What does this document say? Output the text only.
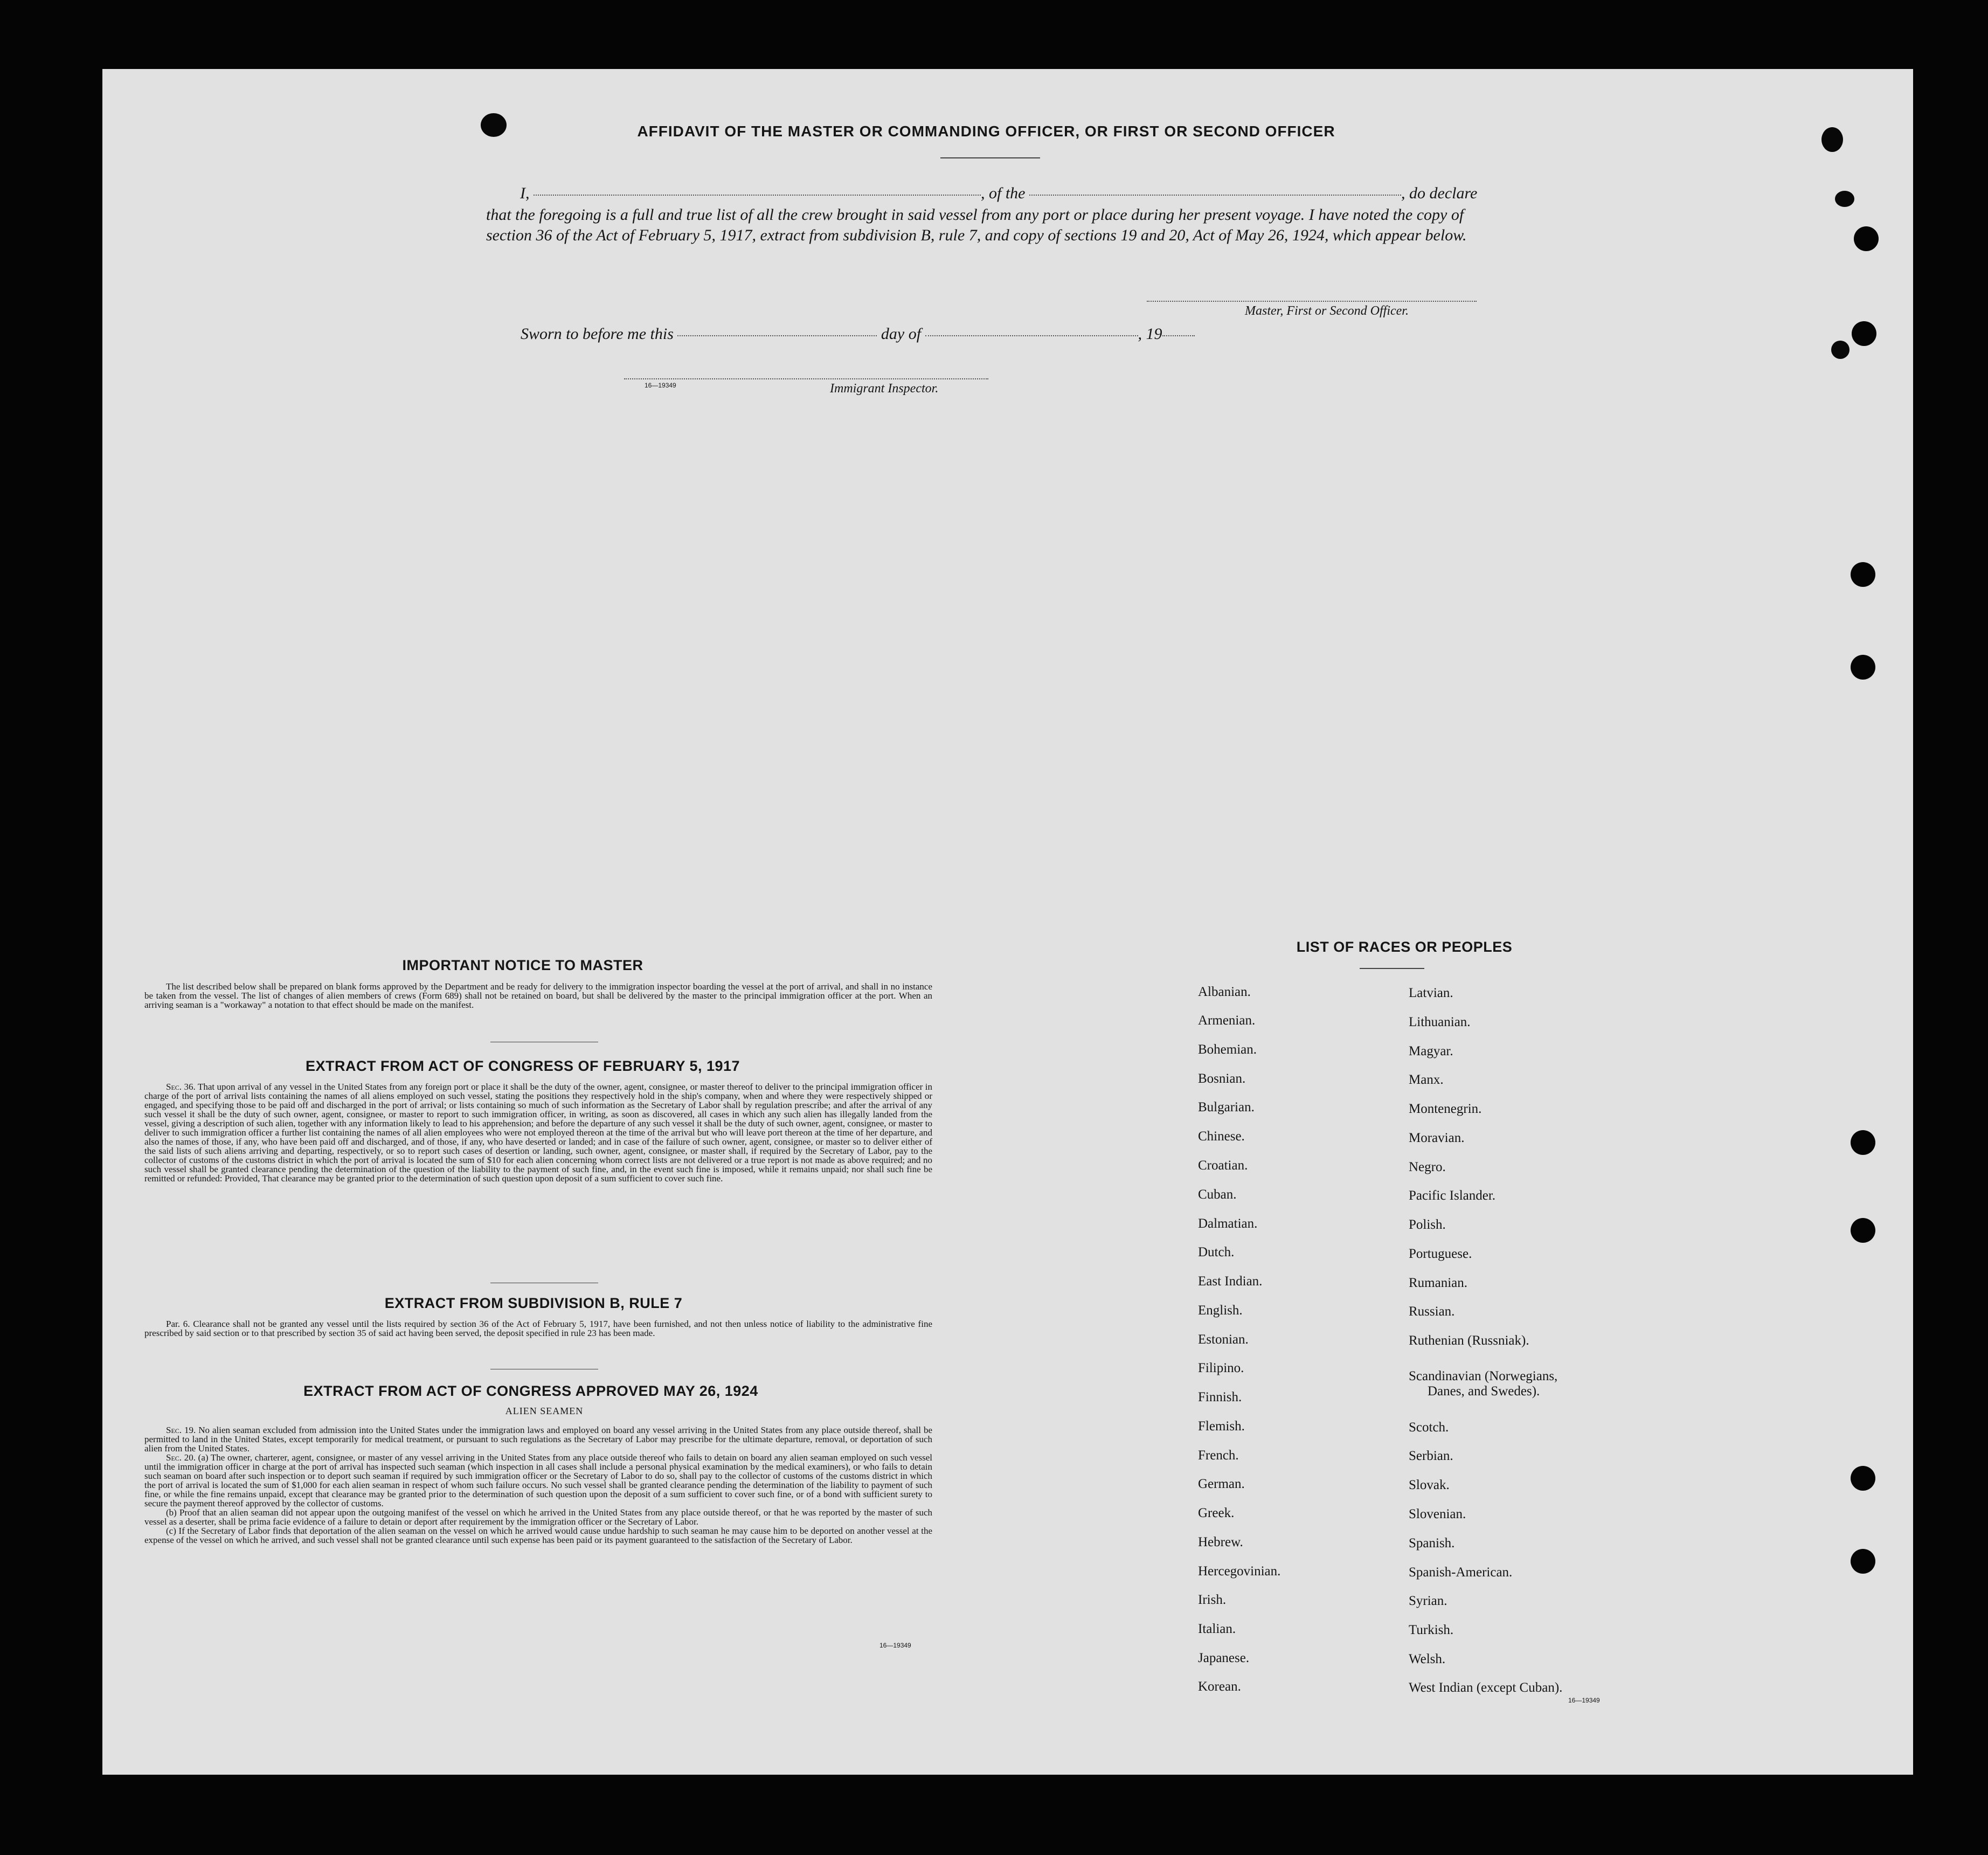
AFFIDAVIT OF THE MASTER OR COMMANDING OFFICER, OR FIRST OR SECOND OFFICER
I,	, of the	, do declare
that the foregoing is a full and true list of all the crew brought in said vessel from any port or place during her present voyage. I have noted the copy of section 36 of the Act of February 5, 1917, extract from subdivision B, rule 7, and copy of sections 19 and 20, Act of May 26, 1924, which appear below.
Master, First or Second Officer.
Sworn to before me this	day of	, 19
16—19349	Immigrant Inspector.
IMPORTANT NOTICE TO MASTER
The list described below shall be prepared on blank forms approved by the Department and be ready for delivery to the immigration inspector boarding the vessel at the port of arrival, and shall in no instance be taken from the vessel. The list of changes of alien members of crews (Form 689) shall not be retained on board, but shall be delivered by the master to the principal immigration officer at the port. When an arriving seaman is a "workaway" a notation to that effect should be made on the manifest.
EXTRACT FROM ACT OF CONGRESS OF FEBRUARY 5, 1917
Sec. 36. That upon arrival of any vessel in the United States from any foreign port or place it shall be the duty of the owner, agent, consignee, or master thereof to deliver to the principal immigration officer in charge of the port of arrival lists containing the names of all aliens employed on such vessel, stating the positions they respectively hold in the ship's company, when and where they were respectively shipped or engaged, and specifying those to be paid off and discharged in the port of arrival; or lists containing so much of such information as the Secretary of Labor shall by regulation prescribe; and after the arrival of any such vessel it shall be the duty of such owner, agent, consignee, or master to report to such immigration officer, in writing, as soon as discovered, all cases in which any such alien has illegally landed from the vessel, giving a description of such alien, together with any information likely to lead to his apprehension; and before the departure of any such vessel it shall be the duty of such owner, agent, consignee, or master to deliver to such immigration officer a further list containing the names of all alien employees who were not employed thereon at the time of the arrival but who will leave port thereon at the time of her departure, and also the names of those, if any, who have been paid off and discharged, and of those, if any, who have deserted or landed; and in case of the failure of such owner, agent, consignee, or master so to deliver either of the said lists of such aliens arriving and departing, respectively, or so to report such cases of desertion or landing, such owner, agent, consignee, or master shall, if required by the Secretary of Labor, pay to the collector of customs of the customs district in which the port of arrival is located the sum of $10 for each alien concerning whom correct lists are not delivered or a true report is not made as above required; and no such vessel shall be granted clearance pending the determination of the question of the liability to the payment of such fine, and, in the event such fine is imposed, while it remains unpaid; nor shall such fine be remitted or refunded: Provided, That clearance may be granted prior to the determination of such question upon deposit of a sum sufficient to cover such fine.
EXTRACT FROM SUBDIVISION B, RULE 7
Par. 6. Clearance shall not be granted any vessel until the lists required by section 36 of the Act of February 5, 1917, have been furnished, and not then unless notice of liability to the administrative fine prescribed by said section or to that prescribed by section 35 of said act having been served, the deposit specified in rule 23 has been made.
EXTRACT FROM ACT OF CONGRESS APPROVED MAY 26, 1924
ALIEN SEAMEN
Sec. 19. No alien seaman excluded from admission into the United States under the immigration laws and employed on board any vessel arriving in the United States from any place outside thereof, shall be permitted to land in the United States, except temporarily for medical treatment, or pursuant to such regulations as the Secretary of Labor may prescribe for the ultimate departure, removal, or deportation of such alien from the United States.
Sec. 20. (a) The owner, charterer, agent, consignee, or master of any vessel arriving in the United States from any place outside thereof who fails to detain on board any alien seaman employed on such vessel until the immigration officer in charge at the port of arrival has inspected such seaman (which inspection in all cases shall include a personal physical examination by the medical examiners), or who fails to detain such seaman on board after such inspection or to deport such seaman if required by such immigration officer or the Secretary of Labor to do so, shall pay to the collector of customs of the customs district in which the port of arrival is located the sum of $1,000 for each alien seaman in respect of whom such failure occurs. No such vessel shall be granted clearance pending the determination of the liability to payment of such fine, or while the fine remains unpaid, except that clearance may be granted prior to the determination of such question upon the deposit of a sum sufficient to cover such fine, or of a bond with sufficient surety to secure the payment thereof approved by the collector of customs.
(b) Proof that an alien seaman did not appear upon the outgoing manifest of the vessel on which he arrived in the United States from any place outside thereof, or that he was reported by the master of such vessel as a deserter, shall be prima facie evidence of a failure to detain or deport after requirement by the immigration officer or the Secretary of Labor.
(c) If the Secretary of Labor finds that deportation of the alien seaman on the vessel on which he arrived would cause undue hardship to such seaman he may cause him to be deported on another vessel at the expense of the vessel on which he arrived, and such vessel shall not be granted clearance until such expense has been paid or its payment guaranteed to the satisfaction of the Secretary of Labor.
16—19349
LIST OF RACES OR PEOPLES
Albanian.
Armenian.
Bohemian.
Bosnian.
Bulgarian.
Chinese.
Croatian.
Cuban.
Dalmatian.
Dutch.
East Indian.
English.
Estonian.
Filipino.
Finnish.
Flemish.
French.
German.
Greek.
Hebrew.
Hercegovinian.
Irish.
Italian.
Japanese.
Korean.
Latvian.
Lithuanian.
Magyar.
Manx.
Montenegrin.
Moravian.
Negro.
Pacific Islander.
Polish.
Portuguese.
Rumanian.
Russian.
Ruthenian (Russniak).
Scandinavian (Norwegians,
Danes, and Swedes).
Scotch.
Serbian.
Slovak.
Slovenian.
Spanish.
Spanish-American.
Syrian.
Turkish.
Welsh.
West Indian (except Cuban).
16—19349
